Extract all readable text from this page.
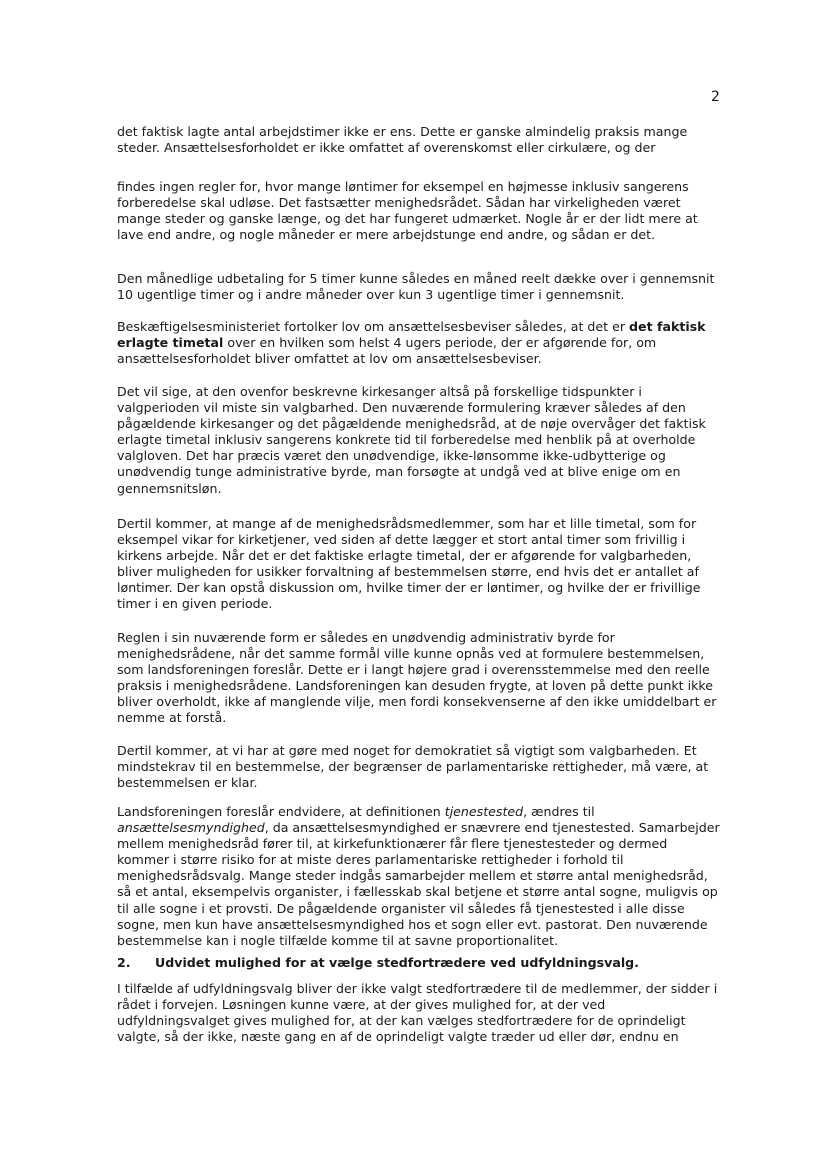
2

det faktisk lagte antal arbejdstimer ikke er ens. Dette er ganske almindelig praksis mange steder. Ansættelsesforholdet er ikke omfattet af overenskomst eller cirkulære, og der

findes ingen regler for, hvor mange løntimer for eksempel en højmesse inklusiv sangerens forberedelse skal udløse. Det fastsætter menighedsrådet. Sådan har virkeligheden været mange steder og ganske længe, og det har fungeret udmærket. Nogle år er der lidt mere at lave end andre, og nogle måneder er mere arbejdstunge end andre, og sådan er det.

Den månedlige udbetaling for 5 timer kunne således en måned reelt dække over i gennemsnit 10 ugentlige timer og i andre måneder over kun 3 ugentlige timer i gennemsnit.

Beskæftigelsesministeriet fortolker lov om ansættelsesbeviser således, at det er det faktisk erlagte timetal over en hvilken som helst 4 ugers periode, der er afgørende for, om ansættelsesforholdet bliver omfattet at lov om ansættelsesbeviser.

Det vil sige, at den ovenfor beskrevne kirkesanger altså på forskellige tidspunkter i valgperioden vil miste sin valgbarhed. Den nuværende formulering kræver således af den pågældende kirkesanger og det pågældende menighedsråd, at de nøje overvåger det faktisk erlagte timetal inklusiv sangerens konkrete tid til forberedelse med henblik på at overholde valgloven. Det har præcis været den unødvendige, ikke-lønsomme ikke-udbytterige og unødvendig tunge administrative byrde, man forsøgte at undgå ved at blive enige om en gennemsnitsløn.

Dertil kommer, at mange af de menighedsrådsmedlemmer, som har et lille timetal, som for eksempel vikar for kirketjener, ved siden af dette lægger et stort antal timer som frivillig i kirkens arbejde. Når det er det faktiske erlagte timetal, der er afgørende for valgbarheden, bliver muligheden for usikker forvaltning af bestemmelsen større, end hvis det er antallet af løntimer. Der kan opstå diskussion om, hvilke timer der er løntimer, og hvilke der er frivillige timer i en given periode.

Reglen i sin nuværende form er således en unødvendig administrativ byrde for menighedsrådene, når det samme formål ville kunne opnås ved at formulere bestemmelsen, som landsforeningen foreslår. Dette er i langt højere grad i overensstemmelse med den reelle praksis i menighedsrådene. Landsforeningen kan desuden frygte, at loven på dette punkt ikke bliver overholdt, ikke af manglende vilje, men fordi konsekvenserne af den ikke umiddelbart er nemme at forstå.

Dertil kommer, at vi har at gøre med noget for demokratiet så vigtigt som valgbarheden. Et mindstekrav til en bestemmelse, der begrænser de parlamentariske rettigheder, må være, at bestemmelsen er klar.

Landsforeningen foreslår endvidere, at definitionen tjenestested, ændres til ansættelsesmyndighed, da ansættelsesmyndighed er snævrere end tjenestested. Samarbejder mellem menighedsråd fører til, at kirkefunktionærer får flere tjenestesteder og dermed kommer i større risiko for at miste deres parlamentariske rettigheder i forhold til menighedsrådsvalg. Mange steder indgås samarbejder mellem et større antal menighedsråd, så et antal, eksempelvis organister, i fællesskab skal betjene et større antal sogne, muligvis op til alle sogne i et provsti. De pågældende organister vil således få tjenestested i alle disse sogne, men kun have ansættelsesmyndighed hos et sogn eller evt. pastorat. Den nuværende bestemmelse kan i nogle tilfælde komme til at savne proportionalitet.

2. Udvidet mulighed for at vælge stedfortrædere ved udfyldningsvalg.

I tilfælde af udfyldningsvalg bliver der ikke valgt stedfortrædere til de medlemmer, der sidder i rådet i forvejen. Løsningen kunne være, at der gives mulighed for, at der ved udfyldningsvalget gives mulighed for, at der kan vælges stedfortrædere for de oprindeligt valgte, så der ikke, næste gang en af de oprindeligt valgte træder ud eller dør, endnu en
